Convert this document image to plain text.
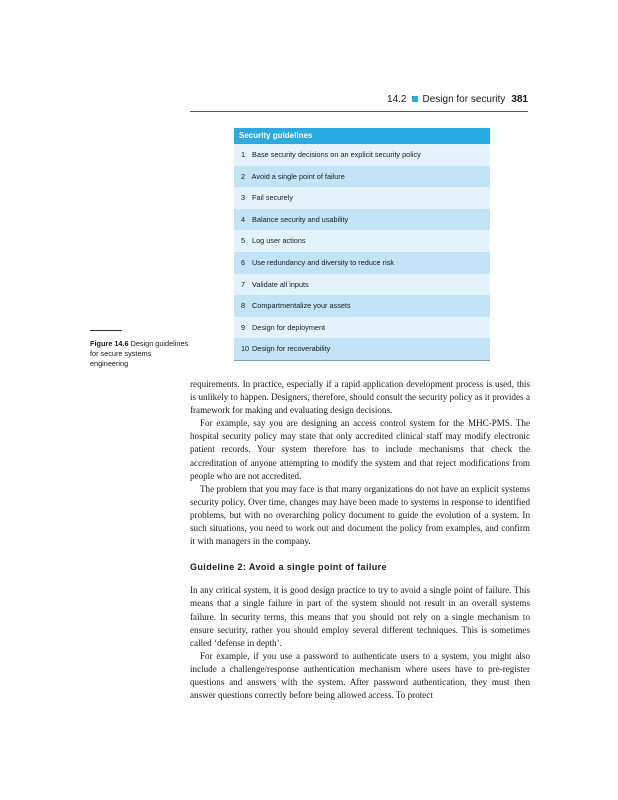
14.2 Design for security 381
Security guidelines
1 Base security decisions on an explicit security policy
2 Avoid a single point of failure
3 Fail securely
4 Balance security and usability
5 Log user actions
6 Use redundancy and diversity to reduce risk
7 Validate all inputs
8 Compartmentalize your assets
9 Design for deployment
10 Design for recoverability
Figure 14.6 Design guidelines for secure systems engineering

requirements. In practice, especially if a rapid application development process is used, this is unlikely to happen. Designers, therefore, should consult the security policy as it provides a framework for making and evaluating design decisions.

For example, say you are designing an access control system for the MHC-PMS. The hospital security policy may state that only accredited clinical staff may modify electronic patient records. Your system therefore has to include mechanisms that check the accreditation of anyone attempting to modify the system and that reject modifications from people who are not accredited.

The problem that you may face is that many organizations do not have an explicit systems security policy. Over time, changes may have been made to systems in response to identified problems, but with no overarching policy document to guide the evolution of a system. In such situations, you need to work out and document the policy from examples, and confirm it with managers in the company.

Guideline 2: Avoid a single point of failure

In any critical system, it is good design practice to try to avoid a single point of failure. This means that a single failure in part of the system should not result in an overall systems failure. In security terms, this means that you should not rely on a single mechanism to ensure security, rather you should employ several different techniques. This is sometimes called ‘defense in depth’.

For example, if you use a password to authenticate users to a system, you might also include a challenge/response authentication mechanism where users have to pre-register questions and answers with the system. After password authentication, they must then answer questions correctly before being allowed access. To protect
